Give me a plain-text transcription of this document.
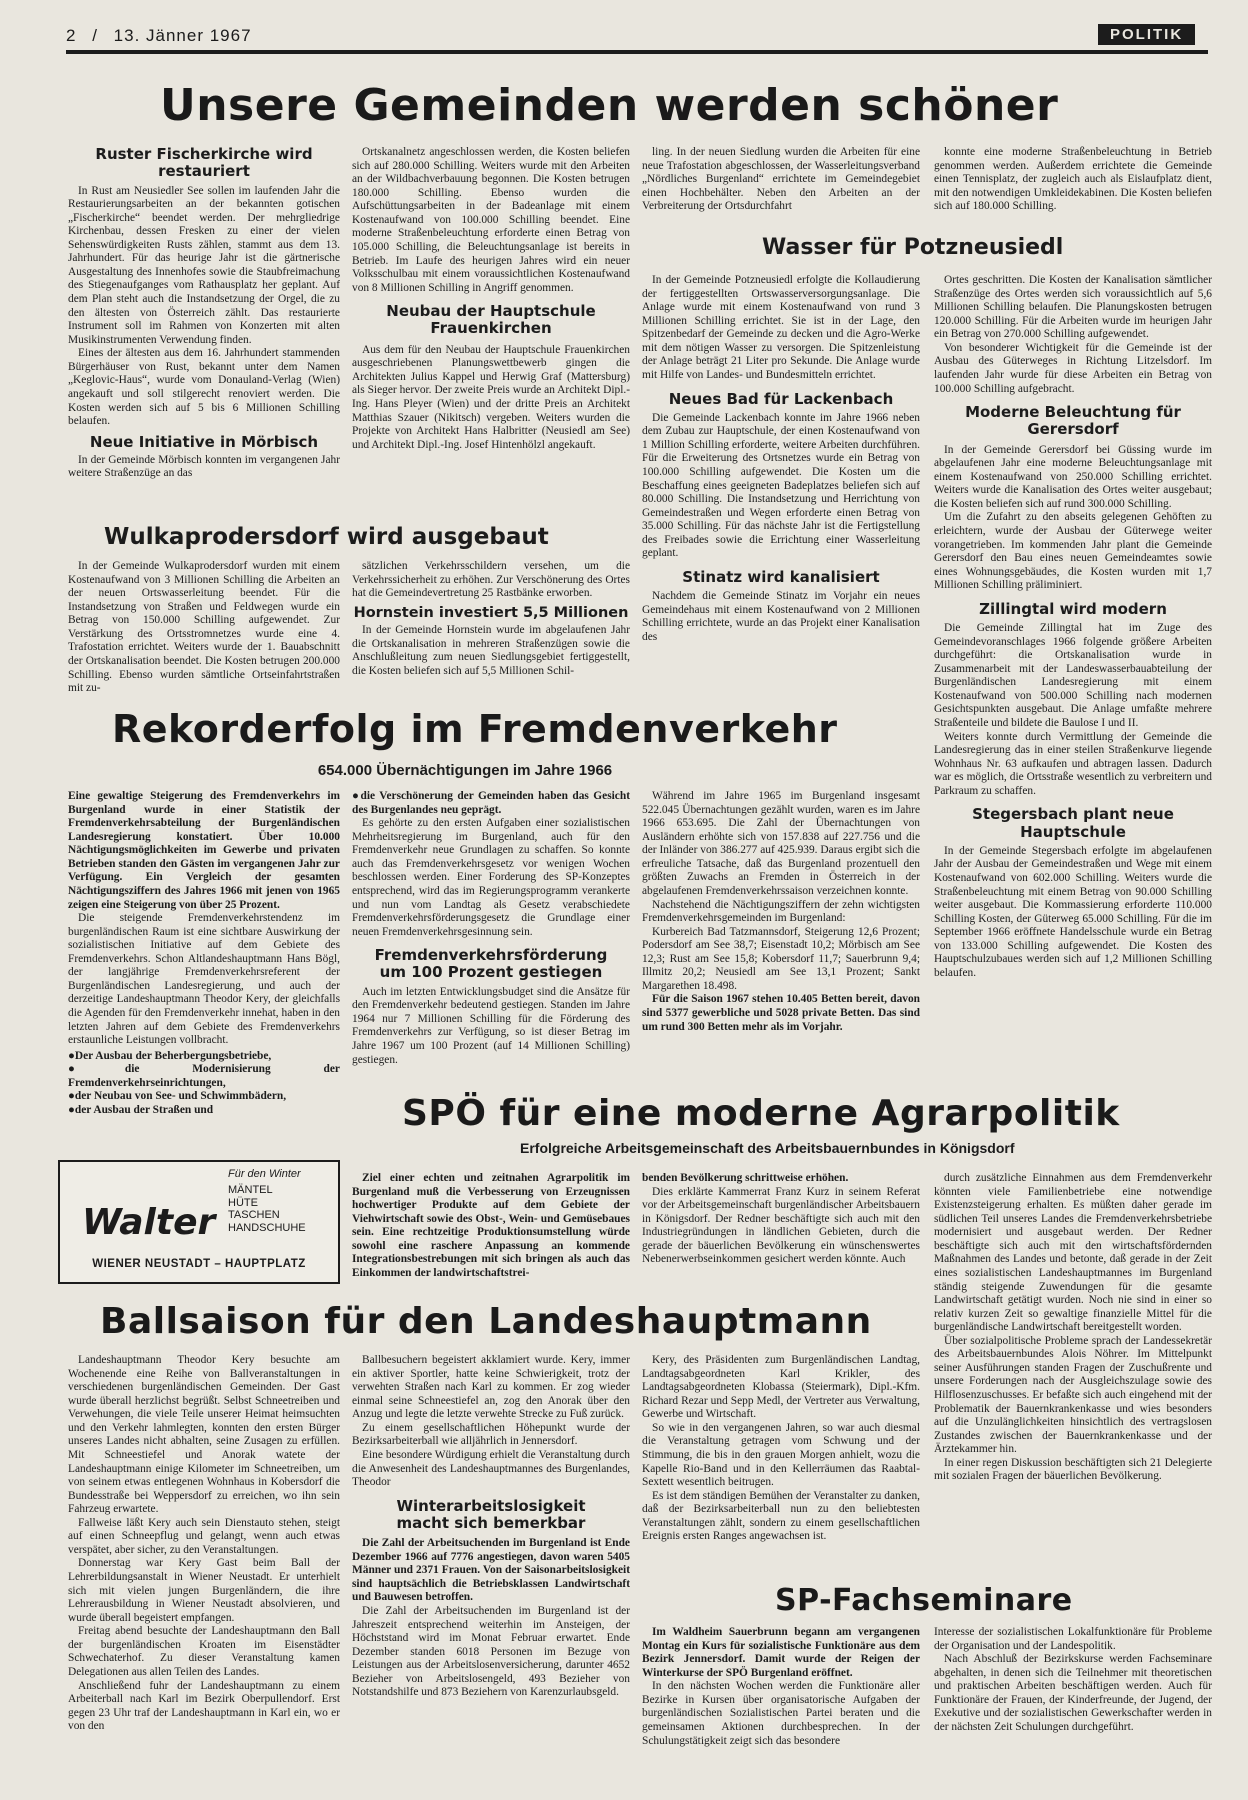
2 / 13. Jänner 1967	POLITIK
Unsere Gemeinden werden schöner
Ruster Fischerkirche wird restauriert

In Rust am Neusiedler See sollen im laufenden Jahr die Restaurierungsarbeiten an der bekannten gotischen „Fischerkirche“ beendet werden. Der mehrgliedrige Kirchenbau, dessen Fresken zu einer der vielen Sehenswürdigkeiten Rusts zählen, stammt aus dem 13. Jahrhundert. Für das heurige Jahr ist die gärtnerische Ausgestaltung des Innenhofes sowie die Staubfreimachung des Stiegenaufganges vom Rathausplatz her geplant. Auf dem Plan steht auch die Instandsetzung der Orgel, die zu den ältesten von Österreich zählt. Das restaurierte Instrument soll im Rahmen von Konzerten mit alten Musikinstrumenten Verwendung finden.

Eines der ältesten aus dem 16. Jahrhundert stammenden Bürgerhäuser von Rust, bekannt unter dem Namen „Keglovic-Haus“, wurde vom Donauland-Verlag (Wien) angekauft und soll stilgerecht renoviert werden. Die Kosten werden sich auf 5 bis 6 Millionen Schilling belaufen.

Neue Initiative in Mörbisch

In der Gemeinde Mörbisch konnten im vergangenen Jahr weitere Straßenzüge an das

Ortskanalnetz angeschlossen werden, die Kosten beliefen sich auf 280.000 Schilling. Weiters wurde mit den Arbeiten an der Wildbachverbauung begonnen. Die Kosten betrugen 180.000 Schilling. Ebenso wurden die Aufschüttungsarbeiten in der Badeanlage mit einem Kostenaufwand von 100.000 Schilling beendet. Eine moderne Straßenbeleuchtung erforderte einen Betrag von 105.000 Schilling, die Beleuchtungsanlage ist bereits in Betrieb. Im Laufe des heurigen Jahres wird ein neuer Volksschulbau mit einem voraussichtlichen Kostenaufwand von 8 Millionen Schilling in Angriff genommen.

Neubau der Hauptschule Frauenkirchen

Aus dem für den Neubau der Hauptschule Frauenkirchen ausgeschriebenen Planungswettbewerb gingen die Architekten Julius Kappel und Herwig Graf (Mattersburg) als Sieger hervor. Der zweite Preis wurde an Architekt Dipl.-Ing. Hans Pleyer (Wien) und der dritte Preis an Architekt Matthias Szauer (Nikitsch) vergeben. Weiters wurden die Projekte von Architekt Hans Halbritter (Neusiedl am See) und Architekt Dipl.-Ing. Josef Hintenhölzl angekauft.

ling. In der neuen Siedlung wurden die Arbeiten für eine neue Trafostation abgeschlossen, der Wasserleitungsverband „Nördliches Burgenland“ errichtete im Gemeindegebiet einen Hochbehälter. Neben den Arbeiten an der Verbreiterung der Ortsdurchfahrt

konnte eine moderne Straßenbeleuchtung in Betrieb genommen werden. Außerdem errichtete die Gemeinde einen Tennisplatz, der zugleich auch als Eislaufplatz dient, mit den notwendigen Umkleidekabinen. Die Kosten beliefen sich auf 180.000 Schilling.

Wasser für Potzneusiedl

In der Gemeinde Potzneusiedl erfolgte die Kollaudierung der fertiggestellten Ortswasserversorgungsanlage. Die Anlage wurde mit einem Kostenaufwand von rund 3 Millionen Schilling errichtet. Sie ist in der Lage, den Spitzenbedarf der Gemeinde zu decken und die Agro-Werke mit dem nötigen Wasser zu versorgen. Die Spitzenleistung der Anlage beträgt 21 Liter pro Sekunde. Die Anlage wurde mit Hilfe von Landes- und Bundesmitteln errichtet.

Neues Bad für Lackenbach

Die Gemeinde Lackenbach konnte im Jahre 1966 neben dem Zubau zur Hauptschule, der einen Kostenaufwand von 1 Million Schilling erforderte, weitere Arbeiten durchführen. Für die Erweiterung des Ortsnetzes wurde ein Betrag von 100.000 Schilling aufgewendet. Die Kosten um die Beschaffung eines geeigneten Badeplatzes beliefen sich auf 80.000 Schilling. Die Instandsetzung und Herrichtung von Gemeindestraßen und Wegen erforderte einen Betrag von 35.000 Schilling. Für das nächste Jahr ist die Fertigstellung des Freibades sowie die Errichtung einer Wasserleitung geplant.

Stinatz wird kanalisiert

Nachdem die Gemeinde Stinatz im Vorjahr ein neues Gemeindehaus mit einem Kostenaufwand von 2 Millionen Schilling errichtete, wurde an das Projekt einer Kanalisation des

Ortes geschritten. Die Kosten der Kanalisation sämtlicher Straßenzüge des Ortes werden sich voraussichtlich auf 5,6 Millionen Schilling belaufen. Die Planungskosten betrugen 120.000 Schilling. Für die Arbeiten wurde im heurigen Jahr ein Betrag von 270.000 Schilling aufgewendet.

Von besonderer Wichtigkeit für die Gemeinde ist der Ausbau des Güterweges in Richtung Litzelsdorf. Im laufenden Jahr wurde für diese Arbeiten ein Betrag von 100.000 Schilling aufgebracht.

Moderne Beleuchtung für Gerersdorf

In der Gemeinde Gerersdorf bei Güssing wurde im abgelaufenen Jahr eine moderne Beleuchtungsanlage mit einem Kostenaufwand von 250.000 Schilling errichtet. Weiters wurde die Kanalisation des Ortes weiter ausgebaut; die Kosten beliefen sich auf rund 300.000 Schilling.

Um die Zufahrt zu den abseits gelegenen Gehöften zu erleichtern, wurde der Ausbau der Güterwege weiter vorangetrieben. Im kommenden Jahr plant die Gemeinde Gerersdorf den Bau eines neuen Gemeindeamtes sowie eines Wohnungsgebäudes, die Kosten wurden mit 1,7 Millionen Schilling präliminiert.

Zillingtal wird modern

Die Gemeinde Zillingtal hat im Zuge des Gemeindevoranschlages 1966 folgende größere Arbeiten durchgeführt: die Ortskanalisation wurde in Zusammenarbeit mit der Landeswasserbauabteilung der Burgenländischen Landesregierung mit einem Kostenaufwand von 500.000 Schilling nach modernen Gesichtspunkten ausgebaut. Die Anlage umfaßte mehrere Straßenteile und bildete die Baulose I und II.

Weiters konnte durch Vermittlung der Gemeinde die Landesregierung das in einer steilen Straßenkurve liegende Wohnhaus Nr. 63 aufkaufen und abtragen lassen. Dadurch war es möglich, die Ortsstraße wesentlich zu verbreitern und Parkraum zu schaffen.

Stegersbach plant neue Hauptschule

In der Gemeinde Stegersbach erfolgte im abgelaufenen Jahr der Ausbau der Gemeindestraßen und Wege mit einem Kostenaufwand von 602.000 Schilling. Weiters wurde die Straßenbeleuchtung mit einem Betrag von 90.000 Schilling weiter ausgebaut. Die Kommassierung erforderte 110.000 Schilling Kosten, der Güterweg 65.000 Schilling. Für die im September 1966 eröffnete Handelsschule wurde ein Betrag von 133.000 Schilling aufgewendet. Die Kosten des Hauptschulzubaues werden sich auf 1,2 Millionen Schilling belaufen.

Wulkaprodersdorf wird ausgebaut

In der Gemeinde Wulkaprodersdorf wurden mit einem Kostenaufwand von 3 Millionen Schilling die Arbeiten an der neuen Ortswasserleitung beendet. Für die Instandsetzung von Straßen und Feldwegen wurde ein Betrag von 150.000 Schilling aufgewendet. Zur Verstärkung des Ortsstromnetzes wurde eine 4. Trafostation errichtet. Weiters wurde der 1. Bauabschnitt der Ortskanalisation beendet. Die Kosten betrugen 200.000 Schilling. Ebenso wurden sämtliche Ortseinfahrtstraßen mit zu-

sätzlichen Verkehrsschildern versehen, um die Verkehrssicherheit zu erhöhen. Zur Verschönerung des Ortes hat die Gemeindevertretung 25 Rastbänke erworben.

Hornstein investiert 5,5 Millionen

In der Gemeinde Hornstein wurde im abgelaufenen Jahr die Ortskanalisation in mehreren Straßenzügen sowie die Anschlußleitung zum neuen Siedlungsgebiet fertiggestellt, die Kosten beliefen sich auf 5,5 Millionen Schil-

Rekorderfolg im Fremdenverkehr
654.000 Übernächtigungen im Jahre 1966

Eine gewaltige Steigerung des Fremdenverkehrs im Burgenland wurde in einer Statistik der Fremdenverkehrsabteilung der Burgenländischen Landesregierung konstatiert. Über 10.000 Nächtigungsmöglichkeiten im Gewerbe und privaten Betrieben standen den Gästen im vergangenen Jahr zur Verfügung. Ein Vergleich der gesamten Nächtigungsziffern des Jahres 1966 mit jenen von 1965 zeigen eine Steigerung von über 25 Prozent.

Die steigende Fremdenverkehrstendenz im burgenländischen Raum ist eine sichtbare Auswirkung der sozialistischen Initiative auf dem Gebiete des Fremdenverkehrs. Schon Altlandeshauptmann Hans Bögl, der langjährige Fremdenverkehrsreferent der Burgenländischen Landesregierung, und auch der derzeitige Landeshauptmann Theodor Kery, der gleichfalls die Agenden für den Fremdenverkehr innehat, haben in den letzten Jahren auf dem Gebiete des Fremdenverkehrs erstaunliche Leistungen vollbracht.

● Der Ausbau der Beherbergungsbetriebe,
● die Modernisierung der Fremdenverkehrseinrichtungen,
● der Neubau von See- und Schwimmbädern,
● der Ausbau der Straßen und
● die Verschönerung der Gemeinden haben das Gesicht des Burgenlandes neu geprägt.

Es gehörte zu den ersten Aufgaben einer sozialistischen Mehrheitsregierung im Burgenland, auch für den Fremdenverkehr neue Grundlagen zu schaffen. So konnte auch das Fremdenverkehrsgesetz vor wenigen Wochen beschlossen werden. Einer Forderung des SP-Konzeptes entsprechend, wird das im Regierungsprogramm verankerte und nun vom Landtag als Gesetz verabschiedete Fremdenverkehrsförderungsgesetz die Grundlage einer neuen Fremdenverkehrsgesinnung sein.

Fremdenverkehrsförderung um 100 Prozent gestiegen

Auch im letzten Entwicklungsbudget sind die Ansätze für den Fremdenverkehr bedeutend gestiegen. Standen im Jahre 1964 nur 7 Millionen Schilling für die Förderung des Fremdenverkehrs zur Verfügung, so ist dieser Betrag im Jahre 1967 um 100 Prozent (auf 14 Millionen Schilling) gestiegen.

Während im Jahre 1965 im Burgenland insgesamt 522.045 Übernachtungen gezählt wurden, waren es im Jahre 1966 653.695. Die Zahl der Übernachtungen von Ausländern erhöhte sich von 157.838 auf 227.756 und die der Inländer von 386.277 auf 425.939. Daraus ergibt sich die erfreuliche Tatsache, daß das Burgenland prozentuell den größten Zuwachs an Fremden in Österreich in der abgelaufenen Fremdenverkehrssaison verzeichnen konnte.

Nachstehend die Nächtigungsziffern der zehn wichtigsten Fremdenverkehrsgemeinden im Burgenland:

Kurbereich Bad Tatzmannsdorf, Steigerung 12,6 Prozent; Podersdorf am See 38,7; Eisenstadt 10,2; Mörbisch am See 12,3; Rust am See 15,8; Kobersdorf 11,7; Sauerbrunn 9,4; Illmitz 20,2; Neusiedl am See 13,1 Prozent; Sankt Margarethen 18.498.

Für die Saison 1967 stehen 10.405 Betten bereit, davon sind 5377 gewerbliche und 5028 private Betten. Das sind um rund 300 Betten mehr als im Vorjahr.

SPÖ für eine moderne Agrarpolitik
Erfolgreiche Arbeitsgemeinschaft des Arbeitsbauernbundes in Königsdorf
Für den Winter
MÄNTEL
HÜTE
TASCHEN
HANDSCHUHE
Walter
WIENER NEUSTADT – HAUPTPLATZ

Ziel einer echten und zeitnahen Agrarpolitik im Burgenland muß die Verbesserung von Erzeugnissen hochwertiger Produkte auf dem Gebiete der Viehwirtschaft sowie des Obst-, Wein- und Gemüsebaues sein. Eine rechtzeitige Produktionsumstellung würde sowohl eine raschere Anpassung an kommende Integrationsbestrebungen mit sich bringen als auch das Einkommen der landwirtschaftstrei-

benden Bevölkerung schrittweise erhöhen.

Dies erklärte Kammerrat Franz Kurz in seinem Referat vor der Arbeitsgemeinschaft burgenländischer Arbeitsbauern in Königsdorf. Der Redner beschäftigte sich auch mit den Industriegründungen in ländlichen Gebieten, durch die gerade der bäuerlichen Bevölkerung ein wünschenswertes Nebenerwerbseinkommen gesichert werden könnte. Auch

durch zusätzliche Einnahmen aus dem Fremdenverkehr könnten viele Familienbetriebe eine notwendige Existenzsteigerung erhalten. Es müßten daher gerade im südlichen Teil unseres Landes die Fremdenverkehrsbetriebe modernisiert und ausgebaut werden. Der Redner beschäftigte sich auch mit den wirtschaftsfördernden Maßnahmen des Landes und betonte, daß gerade in der Zeit eines sozialistischen Landeshauptmannes im Burgenland ständig steigende Zuwendungen für die gesamte Landwirtschaft getätigt wurden. Noch nie sind in einer so relativ kurzen Zeit so gewaltige finanzielle Mittel für die burgenländische Landwirtschaft bereitgestellt worden.

Über sozialpolitische Probleme sprach der Landessekretär des Arbeitsbauernbundes Alois Nöhrer. Im Mittelpunkt seiner Ausführungen standen Fragen der Zuschußrente und unsere Forderungen nach der Ausgleichszulage sowie des Hilflosenzuschusses. Er befaßte sich auch eingehend mit der Problematik der Bauernkrankenkasse und wies besonders auf die Unzulänglichkeiten hinsichtlich des vertragslosen Zustandes zwischen der Bauernkrankenkasse und der Ärztekammer hin.

In einer regen Diskussion beschäftigten sich 21 Delegierte mit sozialen Fragen der bäuerlichen Bevölkerung.

Ballsaison für den Landeshauptmann

Landeshauptmann Theodor Kery besuchte am Wochenende eine Reihe von Ballveranstaltungen in verschiedenen burgenländischen Gemeinden. Der Gast wurde überall herzlichst begrüßt. Selbst Schneetreiben und Verwehungen, die viele Teile unserer Heimat heimsuchten und den Verkehr lahmlegten, konnten den ersten Bürger unseres Landes nicht abhalten, seine Zusagen zu erfüllen. Mit Schneestiefel und Anorak watete der Landeshauptmann einige Kilometer im Schneetreiben, um von seinem etwas entlegenen Wohnhaus in Kobersdorf die Bundesstraße bei Weppersdorf zu erreichen, wo ihn sein Fahrzeug erwartete.

Fallweise läßt Kery auch sein Dienstauto stehen, steigt auf einen Schneepflug und gelangt, wenn auch etwas verspätet, aber sicher, zu den Veranstaltungen.

Donnerstag war Kery Gast beim Ball der Lehrerbildungsanstalt in Wiener Neustadt. Er unterhielt sich mit vielen jungen Burgenländern, die ihre Lehrerausbildung in Wiener Neustadt absolvieren, und wurde überall begeistert empfangen.

Freitag abend besuchte der Landeshauptmann den Ball der burgenländischen Kroaten im Eisenstädter Schwechaterhof. Zu dieser Veranstaltung kamen Delegationen aus allen Teilen des Landes.

Anschließend fuhr der Landeshauptmann zu einem Arbeiterball nach Karl im Bezirk Oberpullendorf. Erst gegen 23 Uhr traf der Landeshauptmann in Karl ein, wo er von den

Ballbesuchern begeistert akklamiert wurde. Kery, immer ein aktiver Sportler, hatte keine Schwierigkeit, trotz der verwehten Straßen nach Karl zu kommen. Er zog wieder einmal seine Schneestiefel an, zog den Anorak über den Anzug und legte die letzte verwehte Strecke zu Fuß zurück.

Zu einem gesellschaftlichen Höhepunkt wurde der Bezirksarbeiterball wie alljährlich in Jennersdorf.

Eine besondere Würdigung erhielt die Veranstaltung durch die Anwesenheit des Landeshauptmannes des Burgenlandes, Theodor

Winterarbeitslosigkeit macht sich bemerkbar

Die Zahl der Arbeitsuchenden im Burgenland ist Ende Dezember 1966 auf 7776 angestiegen, davon waren 5405 Männer und 2371 Frauen. Von der Saisonarbeitslosigkeit sind hauptsächlich die Betriebsklassen Landwirtschaft und Bauwesen betroffen.

Die Zahl der Arbeitsuchenden im Burgenland ist der Jahreszeit entsprechend weiterhin im Ansteigen, der Höchststand wird im Monat Februar erwartet. Ende Dezember standen 6018 Personen im Bezuge von Leistungen aus der Arbeitslosenversicherung, darunter 4652 Bezieher von Arbeitslosengeld, 493 Bezieher von Notstandshilfe und 873 Beziehern von Karenzurlaubsgeld.

Kery, des Präsidenten zum Burgenländischen Landtag, Landtagsabgeordneten Karl Krikler, des Landtagsabgeordneten Klobassa (Steiermark), Dipl.-Kfm. Richard Rezar und Sepp Medl, der Vertreter aus Verwaltung, Gewerbe und Wirtschaft.

So wie in den vergangenen Jahren, so war auch diesmal die Veranstaltung getragen vom Schwung und der Stimmung, die bis in den grauen Morgen anhielt, wozu die Kapelle Rio-Band und in den Kellerräumen das Raabtal-Sextett wesentlich beitrugen.

Es ist dem ständigen Bemühen der Veranstalter zu danken, daß der Bezirksarbeiterball nun zu den beliebtesten Veranstaltungen zählt, sondern zu einem gesellschaftlichen Ereignis ersten Ranges angewachsen ist.

SP-Fachseminare

Im Waldheim Sauerbrunn begann am vergangenen Montag ein Kurs für sozialistische Funktionäre aus dem Bezirk Jennersdorf. Damit wurde der Reigen der Winterkurse der SPÖ Burgenland eröffnet.

In den nächsten Wochen werden die Funktionäre aller Bezirke in Kursen über organisatorische Aufgaben der burgenländischen Sozialistischen Partei beraten und die gemeinsamen Aktionen durchbesprechen. In der Schulungstätigkeit zeigt sich das besondere

Interesse der sozialistischen Lokalfunktionäre für Probleme der Organisation und der Landespolitik.

Nach Abschluß der Bezirkskurse werden Fachseminare abgehalten, in denen sich die Teilnehmer mit theoretischen und praktischen Arbeiten beschäftigen werden. Auch für Funktionäre der Frauen, der Kinderfreunde, der Jugend, der Exekutive und der sozialistischen Gewerkschafter werden in der nächsten Zeit Schulungen durchgeführt.
